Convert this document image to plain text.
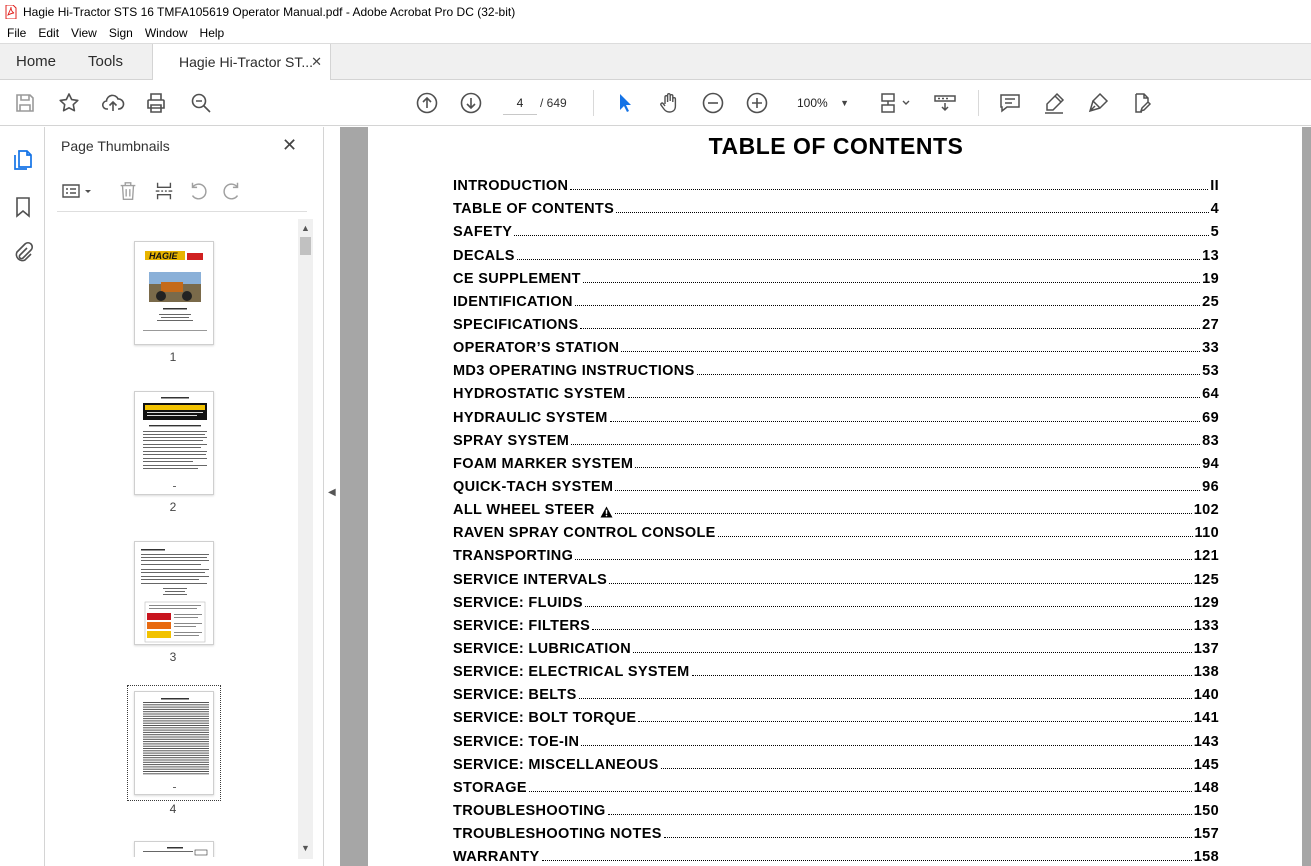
Hagie Hi-Tractor STS 16 TMFA105619 Operator Manual.pdf - Adobe Acrobat Pro DC (32-bit)
File Edit View Sign Window Help
Home Tools	Hagie Hi-Tractor ST...
✕
4
/ 649	100% ▼
Page Thumbnails	✕
HAGIE
1
2
3
4
▲
▼
◀
TABLE OF CONTENTS
INTRODUCTION	II
TABLE OF CONTENTS	4
SAFETY	5
DECALS	13
CE SUPPLEMENT	19
IDENTIFICATION	25
SPECIFICATIONS	27
OPERATOR’S STATION	33
MD3 OPERATING INSTRUCTIONS	53
HYDROSTATIC SYSTEM	64
HYDRAULIC SYSTEM	69
SPRAY SYSTEM	83
FOAM MARKER SYSTEM	94
QUICK-TACH SYSTEM	96
ALL WHEEL STEER	102
RAVEN SPRAY CONTROL CONSOLE	110
TRANSPORTING	121
SERVICE INTERVALS	125
SERVICE: FLUIDS	129
SERVICE: FILTERS	133
SERVICE: LUBRICATION	137
SERVICE: ELECTRICAL SYSTEM	138
SERVICE: BELTS	140
SERVICE: BOLT TORQUE	141
SERVICE: TOE-IN	143
SERVICE: MISCELLANEOUS	145
STORAGE	148
TROUBLESHOOTING	150
TROUBLESHOOTING NOTES	157
WARRANTY	158
